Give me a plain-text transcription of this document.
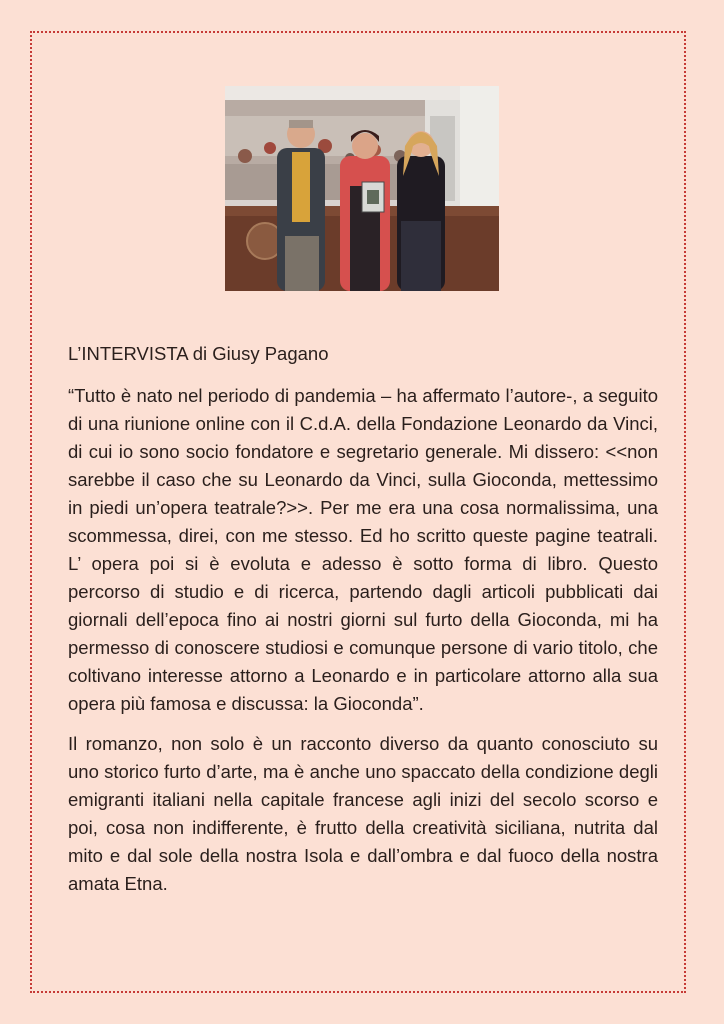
L’INTERVISTA di Giusy Pagano

“Tutto è nato nel periodo di pandemia – ha affermato l’autore-, a seguito di una riunione online con il C.d.A. della Fondazione Leonardo da Vinci, di cui io sono socio fondatore e segretario generale. Mi dissero: <<non sarebbe il caso che su Leonardo da Vinci, sulla Gioconda, mettessimo in piedi un’opera teatrale?>>. Per me era una cosa normalissima, una scommessa, direi, con me stesso. Ed ho scritto queste pagine teatrali. L’ opera poi si è evoluta e adesso è sotto forma di libro. Questo percorso di studio e di ricerca, partendo dagli articoli pubblicati dai giornali dell’epoca fino ai nostri giorni sul furto della Gioconda, mi ha permesso di conoscere studiosi e comunque persone di vario titolo, che coltivano interesse attorno a Leonardo e in particolare attorno alla sua opera più famosa e discussa: la Gioconda”.

Il romanzo, non solo è un racconto diverso da quanto conosciuto su uno storico furto d’arte, ma è anche uno spaccato della condizione degli emigranti italiani nella capitale francese agli inizi del secolo scorso e poi, cosa non indifferente, è frutto della creatività siciliana, nutrita dal mito e dal sole della nostra Isola e dall’ombra e dal fuoco della nostra amata Etna.
